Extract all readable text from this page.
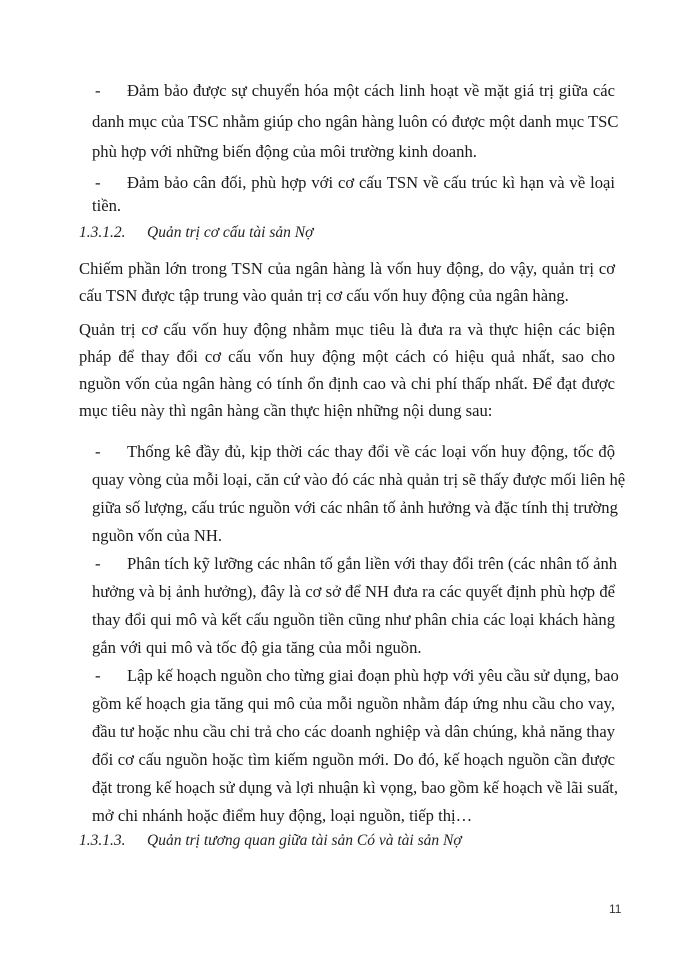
- Đảm bảo được sự chuyển hóa một cách linh hoạt về mặt giá trị giữa các
danh mục của TSC nhằm giúp cho ngân hàng luôn có được một danh mục TSC
phù hợp với những biến động của môi trường kinh doanh.
- Đảm bảo cân đối, phù hợp với cơ cấu TSN về cấu trúc kì hạn và về loại
tiền.
1.3.1.2. Quản trị cơ cấu tài sản Nợ
Chiếm phần lớn trong TSN của ngân hàng là vốn huy động, do vậy, quản trị cơ
cấu TSN được tập trung vào quản trị cơ cấu vốn huy động của ngân hàng.
Quản trị cơ cấu vốn huy động nhằm mục tiêu là đưa ra và thực hiện các biện
pháp để thay đổi cơ cấu vốn huy động một cách có hiệu quả nhất, sao cho
nguồn vốn của ngân hàng có tính ổn định cao và chi phí thấp nhất. Để đạt được
mục tiêu này thì ngân hàng cần thực hiện những nội dung sau:
- Thống kê đầy đủ, kịp thời các thay đổi về các loại vốn huy động, tốc độ
quay vòng của mỗi loại, căn cứ vào đó các nhà quản trị sẽ thấy được mối liên hệ
giữa số lượng, cấu trúc nguồn với các nhân tố ảnh hưởng và đặc tính thị trường
nguồn vốn của NH.
- Phân tích kỹ lưỡng các nhân tố gắn liền với thay đổi trên (các nhân tố ảnh
hưởng và bị ảnh hưởng), đây là cơ sở để NH đưa ra các quyết định phù hợp để
thay đổi qui mô và kết cấu nguồn tiền cũng như phân chia các loại khách hàng
gắn với qui mô và tốc độ gia tăng của mỗi nguồn.
- Lập kế hoạch nguồn cho từng giai đoạn phù hợp với yêu cầu sử dụng, bao
gồm kế hoạch gia tăng qui mô của mỗi nguồn nhằm đáp ứng nhu cầu cho vay,
đầu tư hoặc nhu cầu chi trả cho các doanh nghiệp và dân chúng, khả năng thay
đổi cơ cấu nguồn hoặc tìm kiếm nguồn mới. Do đó, kế hoạch nguồn cần được
đặt trong kế hoạch sử dụng và lợi nhuận kì vọng, bao gồm kế hoạch về lãi suất,
mở chi nhánh hoặc điểm huy động, loại nguồn, tiếp thị…
1.3.1.3. Quản trị tương quan giữa tài sản Có và tài sản Nợ
11
